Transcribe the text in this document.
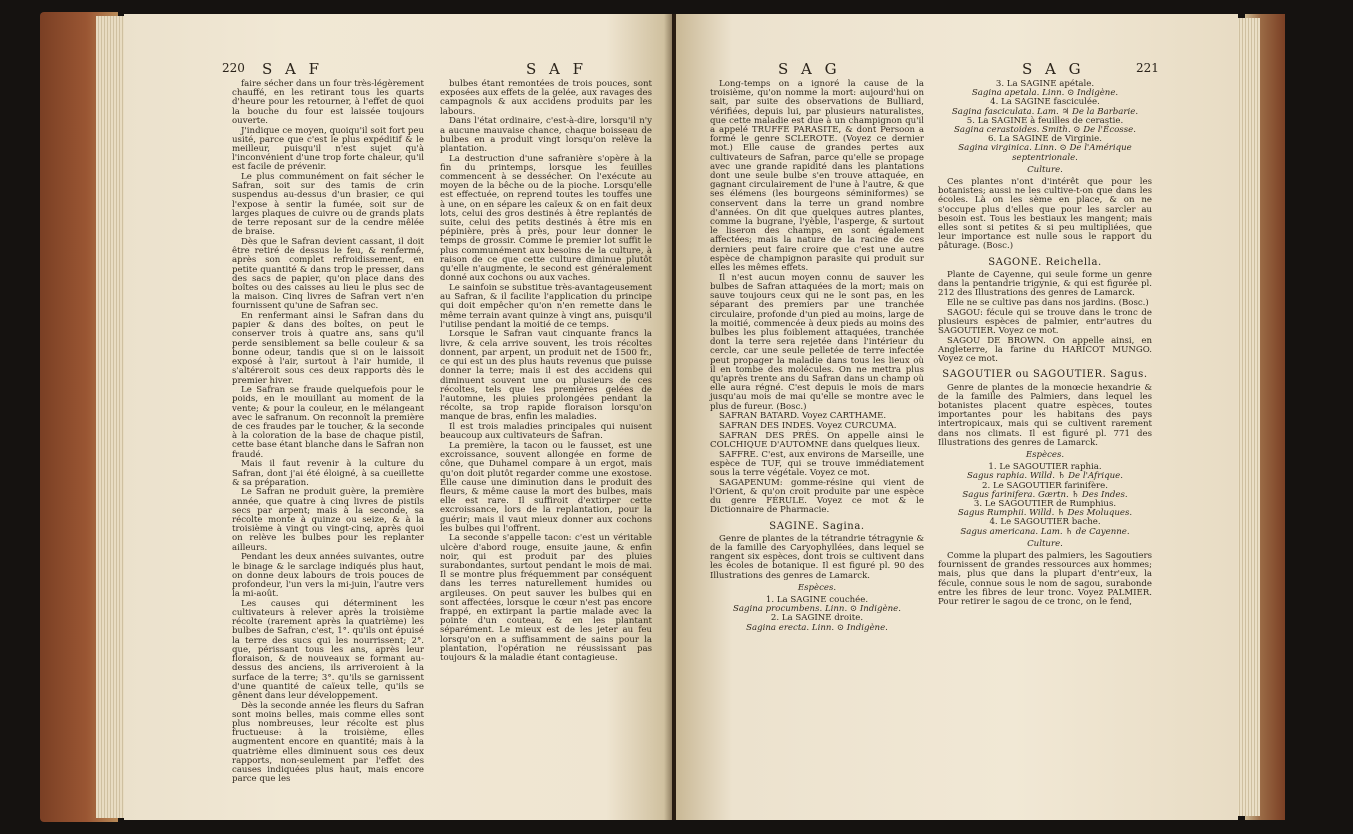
220 S A F	S A F

faire sécher dans un four très-légèrement chauffé, en les retirant tous les quarts d'heure pour les retourner, à l'effet de quoi la bouche du four est laissée toujours ouverte.

J'indique ce moyen, quoiqu'il soit fort peu usité, parce que c'est le plus expéditif & le meilleur, puisqu'il n'est sujet qu'à l'inconvénient d'une trop forte chaleur, qu'il est facile de prévenir.

Le plus communément on fait sécher le Safran, soit sur des tamis de crin suspendus au-dessus d'un brasier, ce qui l'expose à sentir la fumée, soit sur de larges plaques de cuivre ou de grands plats de terre reposant sur de la cendre mêlée de braise.

Dès que le Safran devient cassant, il doit être retiré de dessus le feu, & renfermé, après son complet refroidissement, en petite quantité & dans trop le presser, dans des sacs de papier, qu'on place dans des boîtes ou des caisses au lieu le plus sec de la maison. Cinq livres de Safran vert n'en fournissent qu'une de Safran sec.

En renfermant ainsi le Safran dans du papier & dans des boîtes, on peut le conserver trois à quatre ans, sans qu'il perde sensiblement sa belle couleur & sa bonne odeur, tandis que si on le laissoit exposé à l'air, surtout à l'air humide, il s'altéreroit sous ces deux rapports dès le premier hiver.

Le Safran se fraude quelquefois pour le poids, en le mouillant au moment de la vente; & pour la couleur, en le mélangeant avec le safranum. On reconnoît la première de ces fraudes par le toucher, & la seconde à la coloration de la base de chaque pistil, cette base étant blanche dans le Safran non fraudé.

Mais il faut revenir à la culture du Safran, dont j'ai été éloigné, à sa cueillette & sa préparation.

Le Safran ne produit guère, la première année, que quatre à cinq livres de pistils secs par arpent; mais à la seconde, sa récolte monte à quinze ou seize, & à la troisième à vingt ou vingt-cinq, après quoi on relève les bulbes pour les replanter ailleurs.

Pendant les deux années suivantes, outre le binage & le sarclage indiqués plus haut, on donne deux labours de trois pouces de profondeur, l'un vers la mi-juin, l'autre vers la mi-août.

Les causes qui déterminent les cultivateurs à relever après la troisième récolte (rarement après la quatrième) les bulbes de Safran, c'est, 1°. qu'ils ont épuisé la terre des sucs qui les nourrissent; 2°. que, périssant tous les ans, après leur floraison, & de nouveaux se formant au-dessus des anciens, ils arriveroient à la surface de la terre; 3°. qu'ils se garnissent d'une quantité de caïeux telle, qu'ils se gênent dans leur développement.

Dès la seconde année les fleurs du Safran sont moins belles, mais comme elles sont plus nombreuses, leur récolte est plus fructueuse: à la troisième, elles augmentent encore en quantité; mais à la quatrième elles diminuent sous ces deux rapports, non-seulement par l'effet des causes indiquées plus haut, mais encore parce que les

bulbes étant remontées de trois pouces, sont exposées aux effets de la gelée, aux ravages des campagnols & aux accidens produits par les labours.

Dans l'état ordinaire, c'est-à-dire, lorsqu'il n'y a aucune mauvaise chance, chaque boisseau de bulbes en a produit vingt lorsqu'on relève la plantation.

La destruction d'une safranière s'opère à la fin du printemps, lorsque les feuilles commencent à se dessécher. On l'exécute au moyen de la bêche ou de la pioche. Lorsqu'elle est effectuée, on reprend toutes les touffes une à une, on en sépare les caïeux & on en fait deux lots, celui des gros destinés à être replantés de suite, celui des petits destinés à être mis en pépinière, près à près, pour leur donner le temps de grossir. Comme le premier lot suffit le plus communément aux besoins de la culture, à raison de ce que cette culture diminue plutôt qu'elle n'augmente, le second est généralement donné aux cochons ou aux vaches.

Le sainfoin se substitue très-avantageusement au Safran, & il facilite l'application du principe qui doit empêcher qu'on n'en remette dans le même terrain avant quinze à vingt ans, puisqu'il l'utilise pendant la moitié de ce temps.

Lorsque le Safran vaut cinquante francs la livre, & cela arrive souvent, les trois récoltes donnent, par arpent, un produit net de 1500 fr., ce qui est un des plus hauts revenus que puisse donner la terre; mais il est des accidens qui diminuent souvent une ou plusieurs de ces récoltes, tels que les premières gelées de l'automne, les pluies prolongées pendant la récolte, sa trop rapide floraison lorsqu'on manque de bras, enfin les maladies.

Il est trois maladies principales qui nuisent beaucoup aux cultivateurs de Safran.

La première, la tacon ou le fausset, est une excroissance, souvent allongée en forme de cône, que Duhamel compare à un ergot, mais qu'on doit plutôt regarder comme une exostose. Elle cause une diminution dans le produit des fleurs, & même cause la mort des bulbes, mais elle est rare. Il suffiroit d'extirper cette excroissance, lors de la replantation, pour la guérir; mais il vaut mieux donner aux cochons les bulbes qui l'offrent.

La seconde s'appelle tacon: c'est un véritable ulcère d'abord rouge, ensuite jaune, & enfin noir, qui est produit par des pluies surabondantes, surtout pendant le mois de mai. Il se montre plus fréquemment par conséquent dans les terres naturellement humides ou argileuses. On peut sauver les bulbes qui en sont affectées, lorsque le cœur n'est pas encore frappé, en extirpant la partie malade avec la pointe d'un couteau, & en les plantant séparément. Le mieux est de les jeter au feu lorsqu'on en a suffisamment de sains pour la plantation, l'opération ne réussissant pas toujours & la maladie étant contagieuse.

S A G	S A G	221

Long-temps on a ignoré la cause de la troisième, qu'on nomme la mort: aujourd'hui on sait, par suite des observations de Bulliard, vérifiées, depuis lui, par plusieurs naturalistes, que cette maladie est due à un champignon qu'il a appelé TRUFFE PARASITE, & dont Persoon a formé le genre SCLEROTE. (Voyez ce dernier mot.) Elle cause de grandes pertes aux cultivateurs de Safran, parce qu'elle se propage avec une grande rapidité dans les plantations dont une seule bulbe s'en trouve attaquée, en gagnant circulairement de l'une à l'autre, & que ses élémens (les bourgeons séminiformes) se conservent dans la terre un grand nombre d'années. On dit que quelques autres plantes, comme la bugrane, l'yèble, l'asperge, & surtout le liseron des champs, en sont également affectées; mais la nature de la racine de ces derniers peut faire croire que c'est une autre espèce de champignon parasite qui produit sur elles les mêmes effets.

Il n'est aucun moyen connu de sauver les bulbes de Safran attaquées de la mort; mais on sauve toujours ceux qui ne le sont pas, en les séparant des premiers par une tranchée circulaire, profonde d'un pied au moins, large de la moitié, commencée à deux pieds au moins des bulbes les plus foiblement attaquées, tranchée dont la terre sera rejetée dans l'intérieur du cercle, car une seule pelletée de terre infectée peut propager la maladie dans tous les lieux où il en tombe des molécules. On ne mettra plus qu'après trente ans du Safran dans un champ où elle aura régné. C'est depuis le mois de mars jusqu'au mois de mai qu'elle se montre avec le plus de fureur. (Bosc.)

SAFRAN BATARD. Voyez CARTHAME.

SAFRAN DES INDES. Voyez CURCUMA.

SAFRAN DES PRÉS. On appelle ainsi le COLCHIQUE D'AUTOMNE dans quelques lieux.

SAFFRE. C'est, aux environs de Marseille, une espèce de TUF, qui se trouve immédiatement sous la terre végétale. Voyez ce mot.

SAGAPENUM: gomme-résine qui vient de l'Orient, & qu'on croit produite par une espèce du genre FÉRULE. Voyez ce mot & le Dictionnaire de Pharmacie.

SAGINE. Sagina.

Genre de plantes de la tétrandrie tétragynie & de la famille des Caryophyllées, dans lequel se rangent six espèces, dont trois se cultivent dans les écoles de botanique. Il est figuré pl. 90 des Illustrations des genres de Lamarck.

Espèces.

1. La SAGINE couchée.

Sagina procumbens. Linn. ⊙ Indigène.

2. La SAGINE droite.

Sagina erecta. Linn. ⊙ Indigène.

3. La SAGINE apétale.

Sagina apetala. Linn. ⊙ Indigène.

4. La SAGINE fasciculée.

Sagina fasciculata. Lam. ♃ De la Barbarie.

5. La SAGINE à feuilles de cerastie.

Sagina cerastoides. Smith. ⊙ De l'Écosse.

6. La SAGINE de Virginie.

Sagina virginica. Linn. ⊙ De l'Amérique septentrionale.

Culture.

Ces plantes n'ont d'intérêt que pour les botanistes; aussi ne les cultive-t-on que dans les écoles. Là on les sème en place, & on ne s'occupe plus d'elles que pour les sarcler au besoin est. Tous les bestiaux les mangent; mais elles sont si petites & si peu multipliées, que leur importance est nulle sous le rapport du pâturage. (Bosc.)

SAGONE. Reichella.

Plante de Cayenne, qui seule forme un genre dans la pentandrie trigynie, & qui est figurée pl. 212 des Illustrations des genres de Lamarck.

Elle ne se cultive pas dans nos jardins. (Bosc.)

SAGOU: fécule qui se trouve dans le tronc de plusieurs espèces de palmier, entr'autres du SAGOUTIER. Voyez ce mot.

SAGOU DE BROWN. On appelle ainsi, en Angleterre, la farine du HARICOT MUNGO. Voyez ce mot.

SAGOUTIER ou SAGOUTIER. Sagus.

Genre de plantes de la monœcie hexandrie & de la famille des Palmiers, dans lequel les botanistes placent quatre espèces, toutes importantes pour les habitans des pays intertropicaux, mais qui se cultivent rarement dans nos climats. Il est figuré pl. 771 des Illustrations des genres de Lamarck.

Espèces.

1. Le SAGOUTIER raphia.

Sagus raphia. Willd. ♄ De l'Afrique.

2. Le SAGOUTIER farinifère.

Sagus farinifera. Gærtn. ♄ Des Indes.

3. Le SAGOUTIER de Rumphius.

Sagus Rumphii. Willd. ♄ Des Moluques.

4. Le SAGOUTIER bache.

Sagus americana. Lam. ♄ de Cayenne.

Culture.

Comme la plupart des palmiers, les Sagoutiers fournissent de grandes ressources aux hommes; mais, plus que dans la plupart d'entr'eux, la fécule, connue sous le nom de sagou, surabonde entre les fibres de leur tronc. Voyez PALMIER. Pour retirer le sagou de ce tronc, on le fend,
